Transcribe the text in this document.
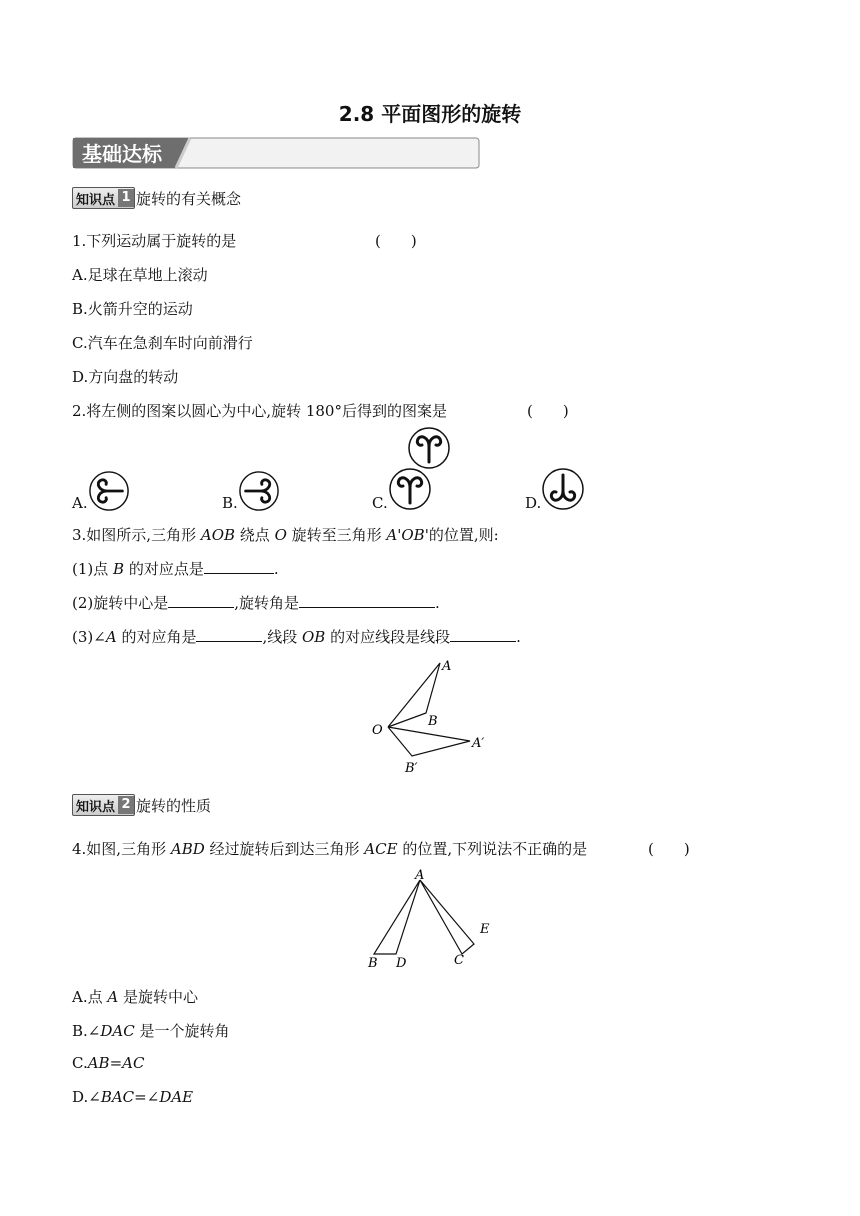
2.8 平面图形的旋转
基础达标
知识点 1 旋转的有关概念
1.下列运动属于旋转的是	(　　)
A.足球在草地上滚动
B.火箭升空的运动
C.汽车在急刹车时向前滑行
D.方向盘的转动
2.将左侧的图案以圆心为中心,旋转 180°后得到的图案是	(　　)
A.	B.	C.	D.
3.如图所示,三角形 AOB 绕点 O 旋转至三角形 A'OB'的位置,则:
(1)点 B 的对应点是	.
(2)旋转中心是	,旋转角是	.
(3)∠A 的对应角是	,线段 OB 的对应线段是线段	.
A
B
O
A′
B′
知识点 2 旋转的性质
4.如图,三角形 ABD 经过旋转后到达三角形 ACE 的位置,下列说法不正确的是	(　　)
A
B D	C
E
A.点 A 是旋转中心
B.∠DAC 是一个旋转角
C.AB=AC
D.∠BAC=∠DAE
